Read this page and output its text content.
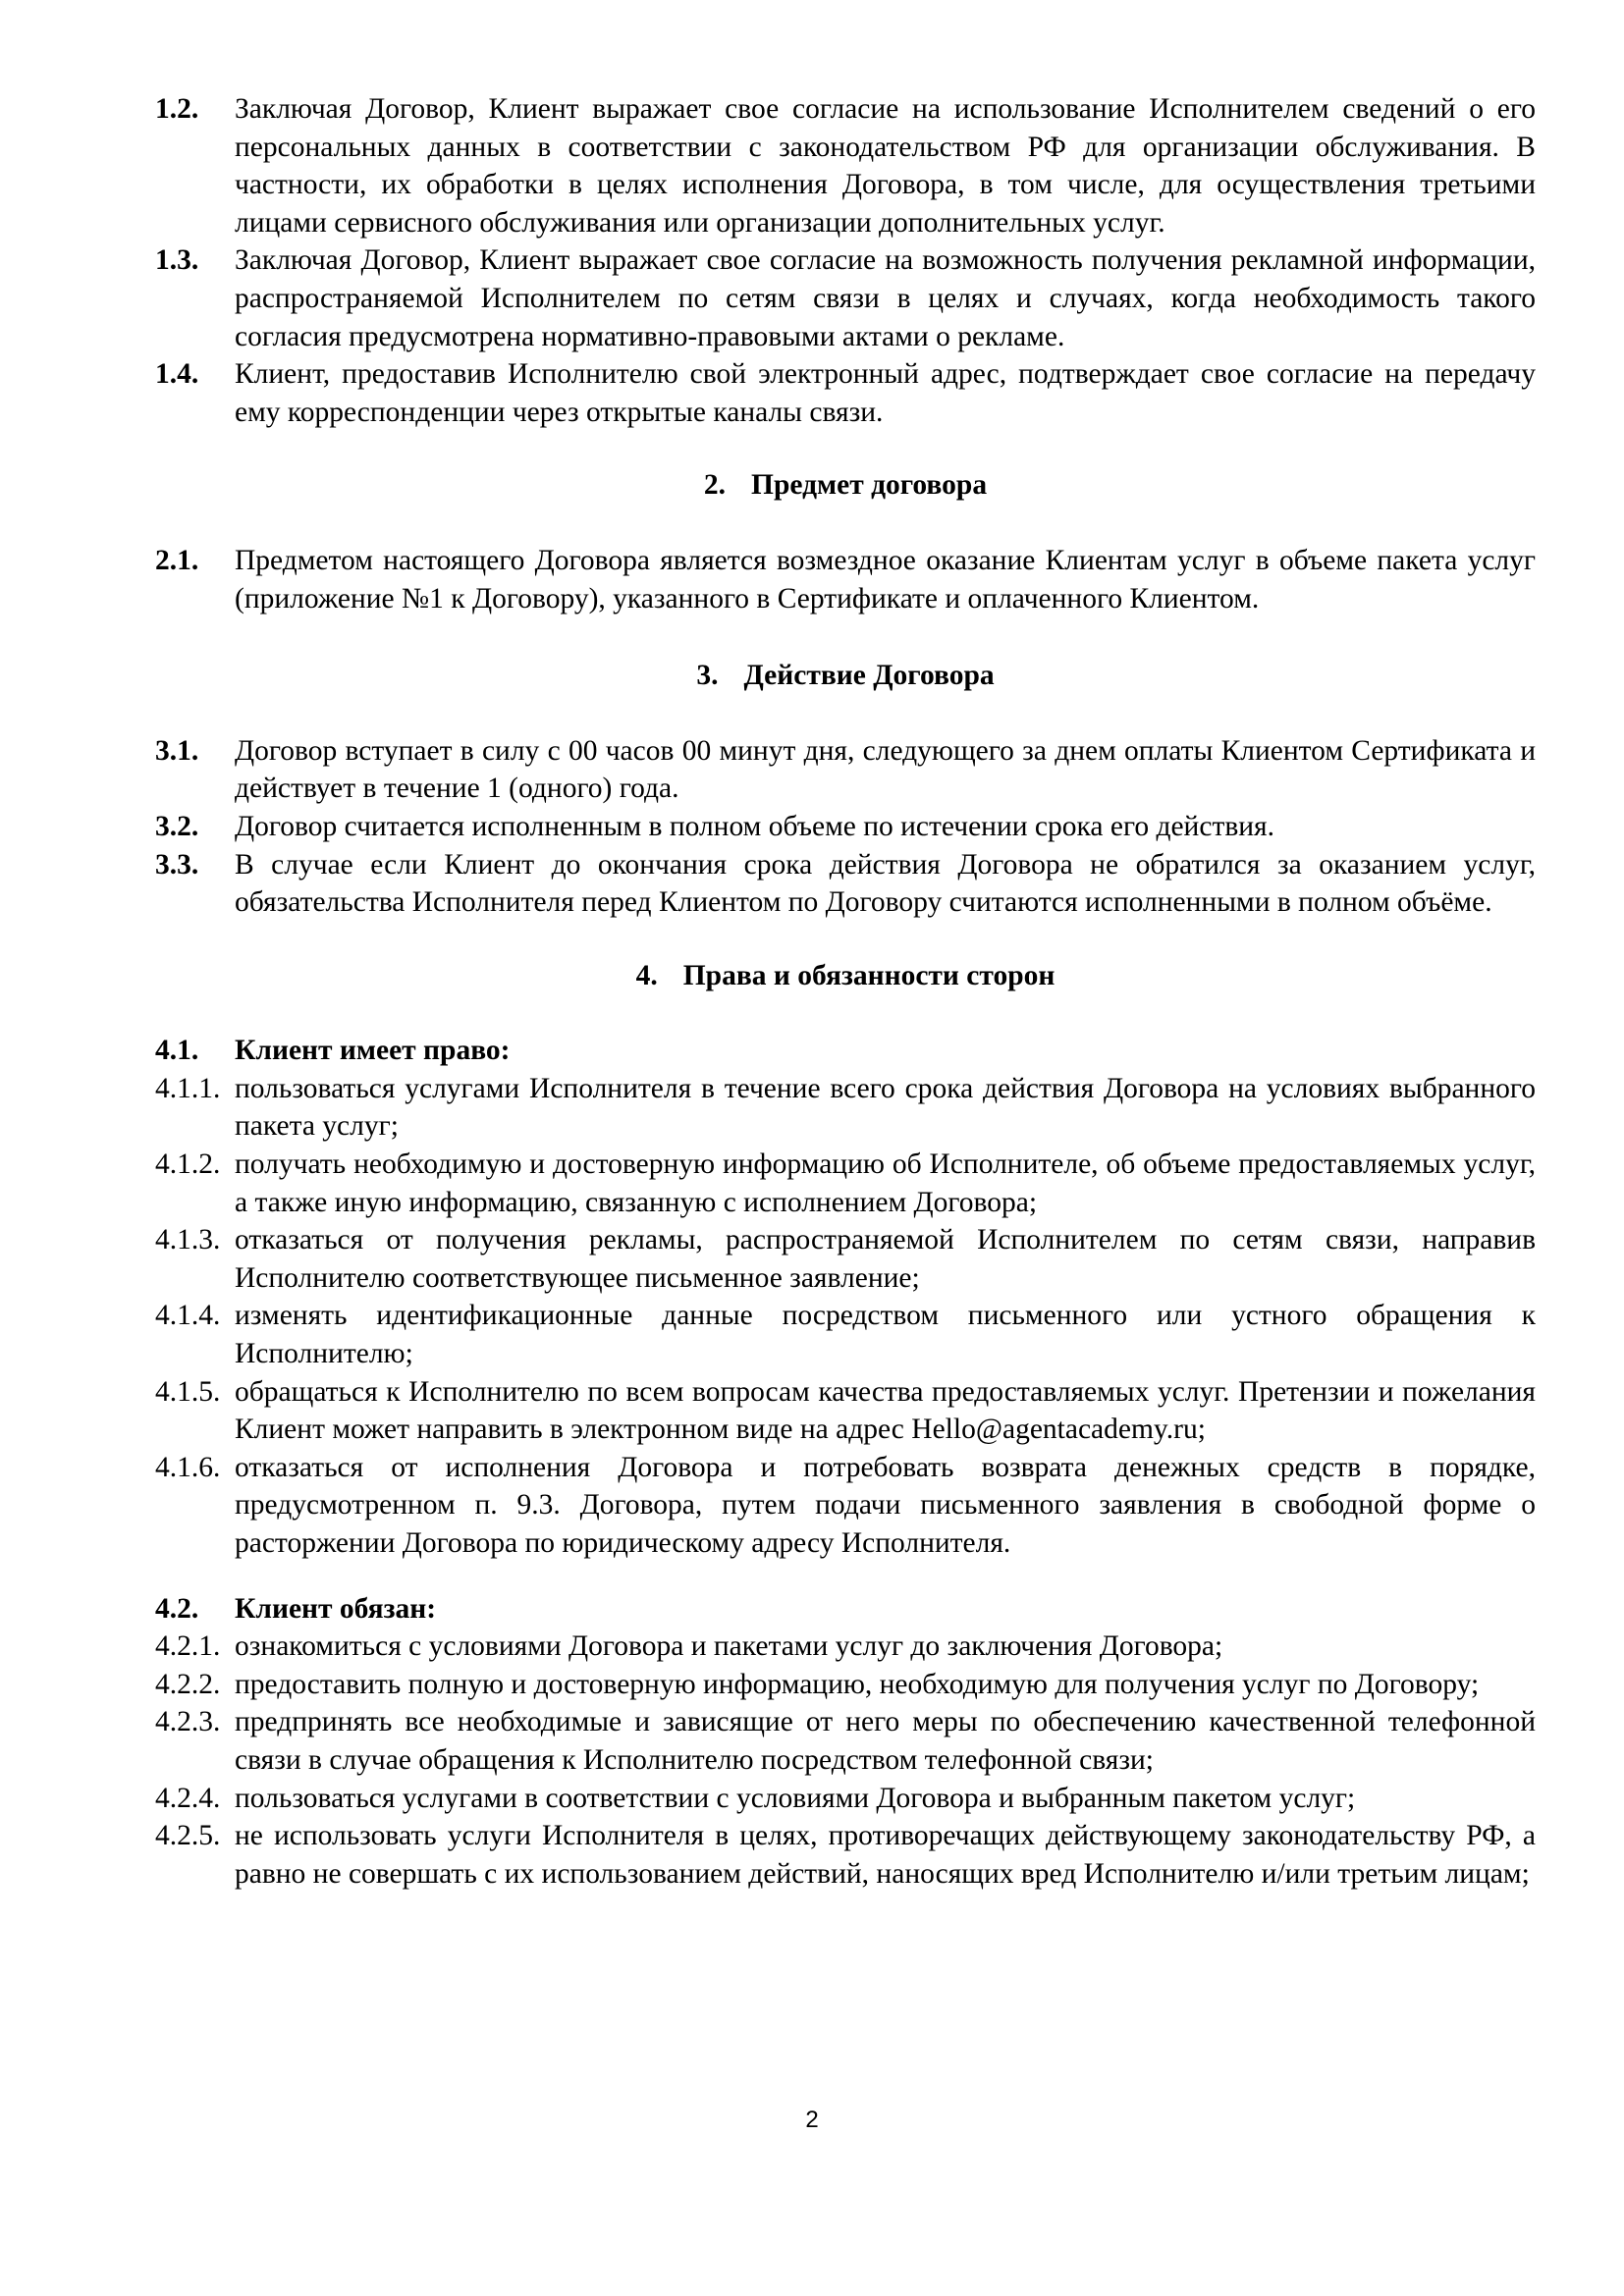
1.2.	Заключая Договор, Клиент выражает свое согласие на использование Исполнителем сведений о его персональных данных в соответствии с законодательством РФ для организации обслуживания. В частности, их обработки в целях исполнения Договора, в том числе, для осуществления третьими лицами сервисного обслуживания или организации дополнительных услуг.
1.3.	Заключая Договор, Клиент выражает свое согласие на возможность получения рекламной информации, распространяемой Исполнителем по сетям связи в целях и случаях, когда необходимость такого согласия предусмотрена нормативно-правовыми актами о рекламе.
1.4.	Клиент, предоставив Исполнителю свой электронный адрес, подтверждает свое согласие на передачу ему корреспонденции через открытые каналы связи.
2. Предмет договора
2.1.	Предметом настоящего Договора является возмездное оказание Клиентам услуг в объеме пакета услуг (приложение №1 к Договору), указанного в Сертификате и оплаченного Клиентом.
3. Действие Договора
3.1.	Договор вступает в силу с 00 часов 00 минут дня, следующего за днем оплаты Клиентом Сертификата и действует в течение 1 (одного) года.
3.2.	Договор считается исполненным в полном объеме по истечении срока его действия.
3.3.	В случае если Клиент до окончания срока действия Договора не обратился за оказанием услуг, обязательства Исполнителя перед Клиентом по Договору считаются исполненными в полном объёме.
4. Права и обязанности сторон
4.1.	Клиент имеет право:
4.1.1. пользоваться услугами Исполнителя в течение всего срока действия Договора на условиях выбранного пакета услуг;
4.1.2. получать необходимую и достоверную информацию об Исполнителе, об объеме предоставляемых услуг, а также иную информацию, связанную с исполнением Договора;
4.1.3. отказаться от получения рекламы, распространяемой Исполнителем по сетям связи, направив Исполнителю соответствующее письменное заявление;
4.1.4. изменять идентификационные данные посредством письменного или устного обращения к Исполнителю;
4.1.5. обращаться к Исполнителю по всем вопросам качества предоставляемых услуг. Претензии и пожелания Клиент может направить в электронном виде на адрес Hello@agentacademy.ru;
4.1.6. отказаться от исполнения Договора и потребовать возврата денежных средств в порядке, предусмотренном п. 9.3. Договора, путем подачи письменного заявления в свободной форме о расторжении Договора по юридическому адресу Исполнителя.
4.2.	Клиент обязан:
4.2.1. ознакомиться с условиями Договора и пакетами услуг до заключения Договора;
4.2.2. предоставить полную и достоверную информацию, необходимую для получения услуг по Договору;
4.2.3. предпринять все необходимые и зависящие от него меры по обеспечению качественной телефонной связи в случае обращения к Исполнителю посредством телефонной связи;
4.2.4. пользоваться услугами в соответствии с условиями Договора и выбранным пакетом услуг;
4.2.5. не использовать услуги Исполнителя в целях, противоречащих действующему законодательству РФ, а равно не совершать с их использованием действий, наносящих вред Исполнителю и/или третьим лицам;
2
